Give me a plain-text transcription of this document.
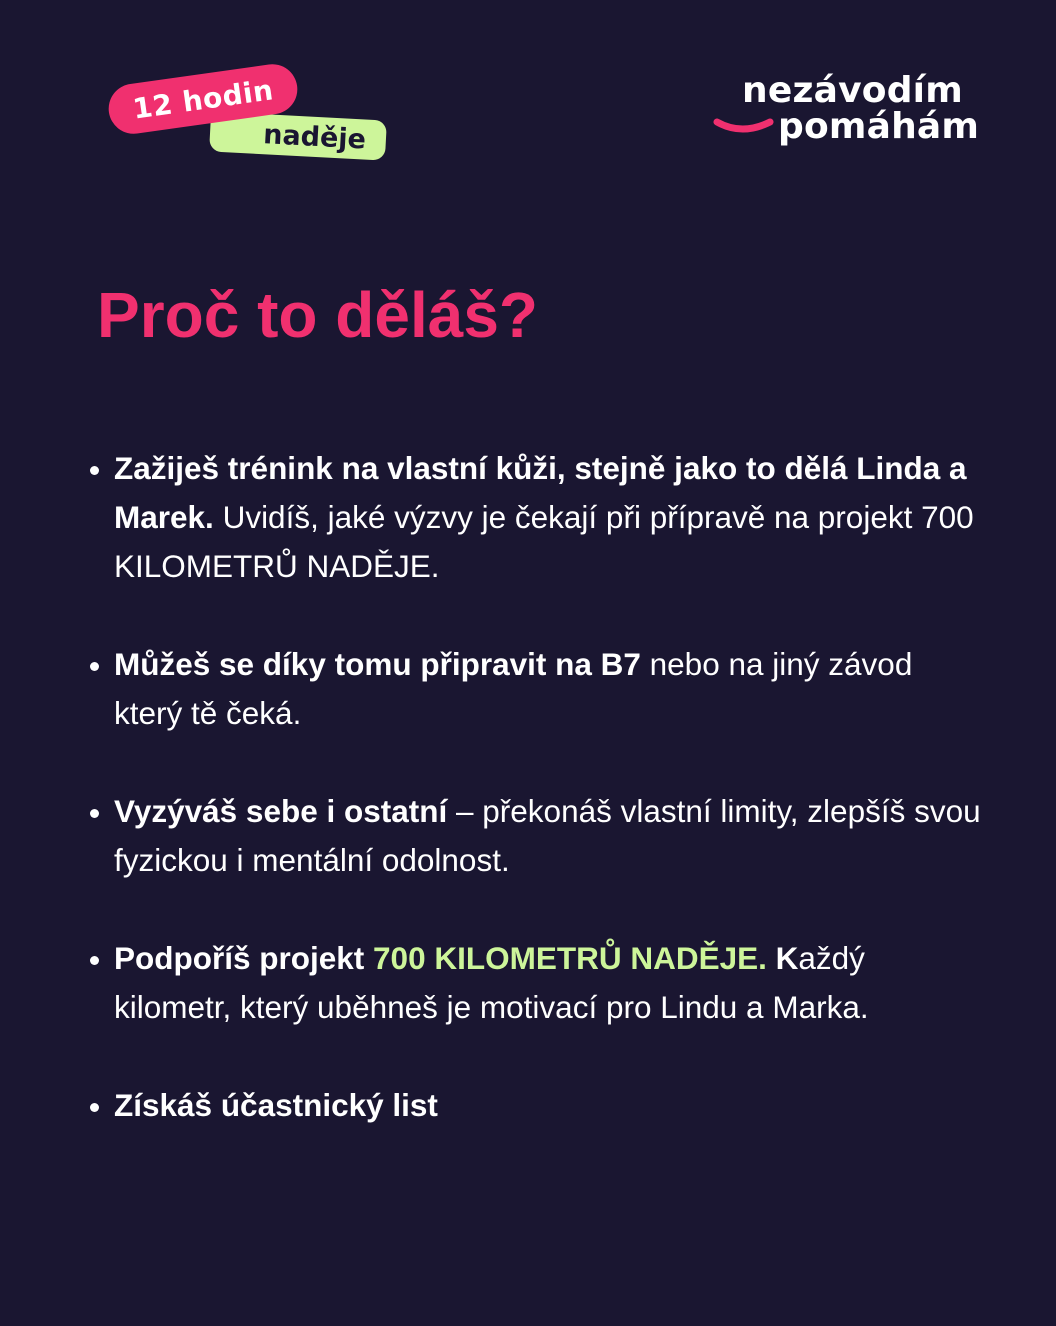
12 hodin
naděje
nezávodím
pomáhám
Proč to děláš?
Zažiješ trénink na vlastní kůži, stejně jako to dělá Linda a Marek. Uvidíš, jaké výzvy je čekají při přípravě na projekt 700 KILOMETRŮ NADĚJE.
Můžeš se díky tomu připravit na B7 nebo na jiný závod který tě čeká.
Vyzýváš sebe i ostatní – překonáš vlastní limity, zlepšíš svou fyzickou i mentální odolnost.
Podpoříš projekt 700 KILOMETRŮ NADĚJE. Každý kilometr, který uběhneš je motivací pro Lindu a Marka.
Získáš účastnický list
